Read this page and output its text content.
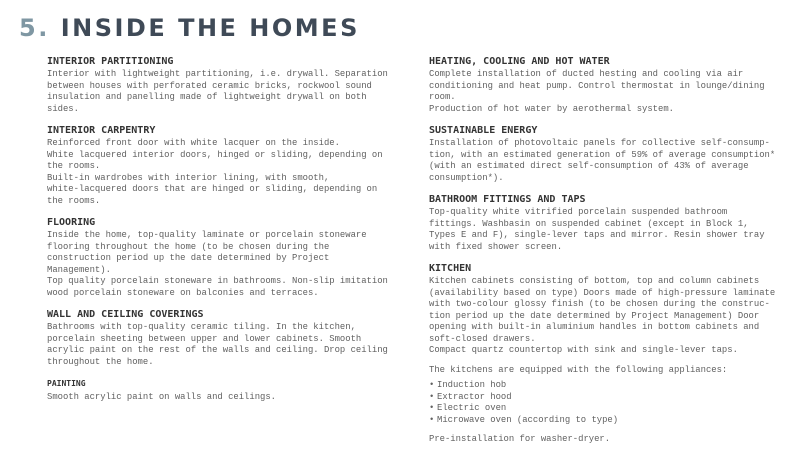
5. INSIDE THE HOMES
INTERIOR PARTITIONING
Interior with lightweight partitioning, i.e. drywall. Separation
between houses with perforated ceramic bricks, rockwool sound
insulation and panelling made of lightweight drywall on both
sides.
INTERIOR CARPENTRY
Reinforced front door with white lacquer on the inside.
White lacquered interior doors, hinged or sliding, depending on
the rooms.
Built-in wardrobes with interior lining, with smooth,
white-lacquered doors that are hinged or sliding, depending on
the rooms.
FLOORING
Inside the home, top-quality laminate or porcelain stoneware
flooring throughout the home (to be chosen during the
construction period up the date determined by Project
Management).
Top quality porcelain stoneware in bathrooms. Non-slip imitation
wood porcelain stoneware on balconies and terraces.
WALL AND CEILING COVERINGS
Bathrooms with top-quality ceramic tiling. In the kitchen,
porcelain sheeting between upper and lower cabinets. Smooth
acrylic paint on the rest of the walls and ceiling. Drop ceiling
throughout the home.
PAINTING
Smooth acrylic paint on walls and ceilings.
HEATING, COOLING AND HOT WATER
Complete installation of ducted hesting and cooling via air
conditioning and heat pump. Control thermostat in lounge/dining
room.
Production of hot water by aerothermal system.
SUSTAINABLE ENERGY
Installation of photovoltaic panels for collective self-consump-
tion, with an estimated generation of 59% of average consumption*
(with an estimated direct self-consumption of 43% of average
consumption*).
BATHROOM FITTINGS AND TAPS
Top-quality white vitrified porcelain suspended bathroom
fittings. Washbasin on suspended cabinet (except in Block 1,
Types E and F), single-lever taps and mirror. Resin shower tray
with fixed shower screen.
KITCHEN
Kitchen cabinets consisting of bottom, top and column cabinets
(availability based on type) Doors made of high-pressure laminate
with two-colour glossy finish (to be chosen during the construc-
tion period up the date determined by Project Management) Door
opening with built-in aluminium handles in bottom cabinets and
soft-closed drawers.
Compact quartz countertop with sink and single-lever taps.
The kitchens are equipped with the following appliances:
• Induction hob
• Extractor hood
• Electric oven
• Microwave oven (according to type)
Pre-installation for washer-dryer.
